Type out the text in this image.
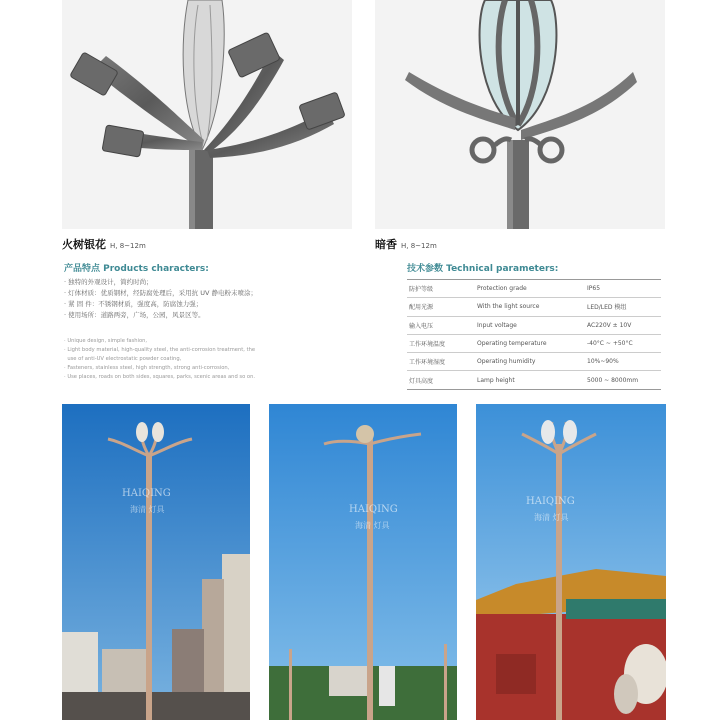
火树银花 H, 8~12m	暗香 H, 8~12m
产品特点 Products characters:
· 独特的外观设计，简约时尚；
· 灯体材质：优质钢材，经防腐处理后，采用抗 UV 静电粉末喷涂；
· 紧 固 件：不锈钢材质，强度高，防腐蚀力强；
· 使用场所：道路两旁，广场，公园，风景区等。
· Unique design, simple fashion,
· Light body material, high-quality steel, the anti-corrosion treatment, the
use of anti-UV electrostatic powder coating,
· Fasteners, stainless steel, high strength, strong anti-corrosion,
· Use places, roads on both sides, squares, parks, scenic areas and so on.
技术参数 Technical parameters:
防护等级	Protection grade	IP65
配用光源	With the light source	LED/LED 模组
输入电压	Input voltage	AC220V ± 10V
工作环境温度	Operating temperature	-40°C ~ +50°C
工作环境湿度	Operating humidity	10%~90%
灯具高度	Lamp height	5000 ~ 8000mm
HAIQING
海清 灯具	HAIQING
海清 灯具
HAIQING
海清 灯具
